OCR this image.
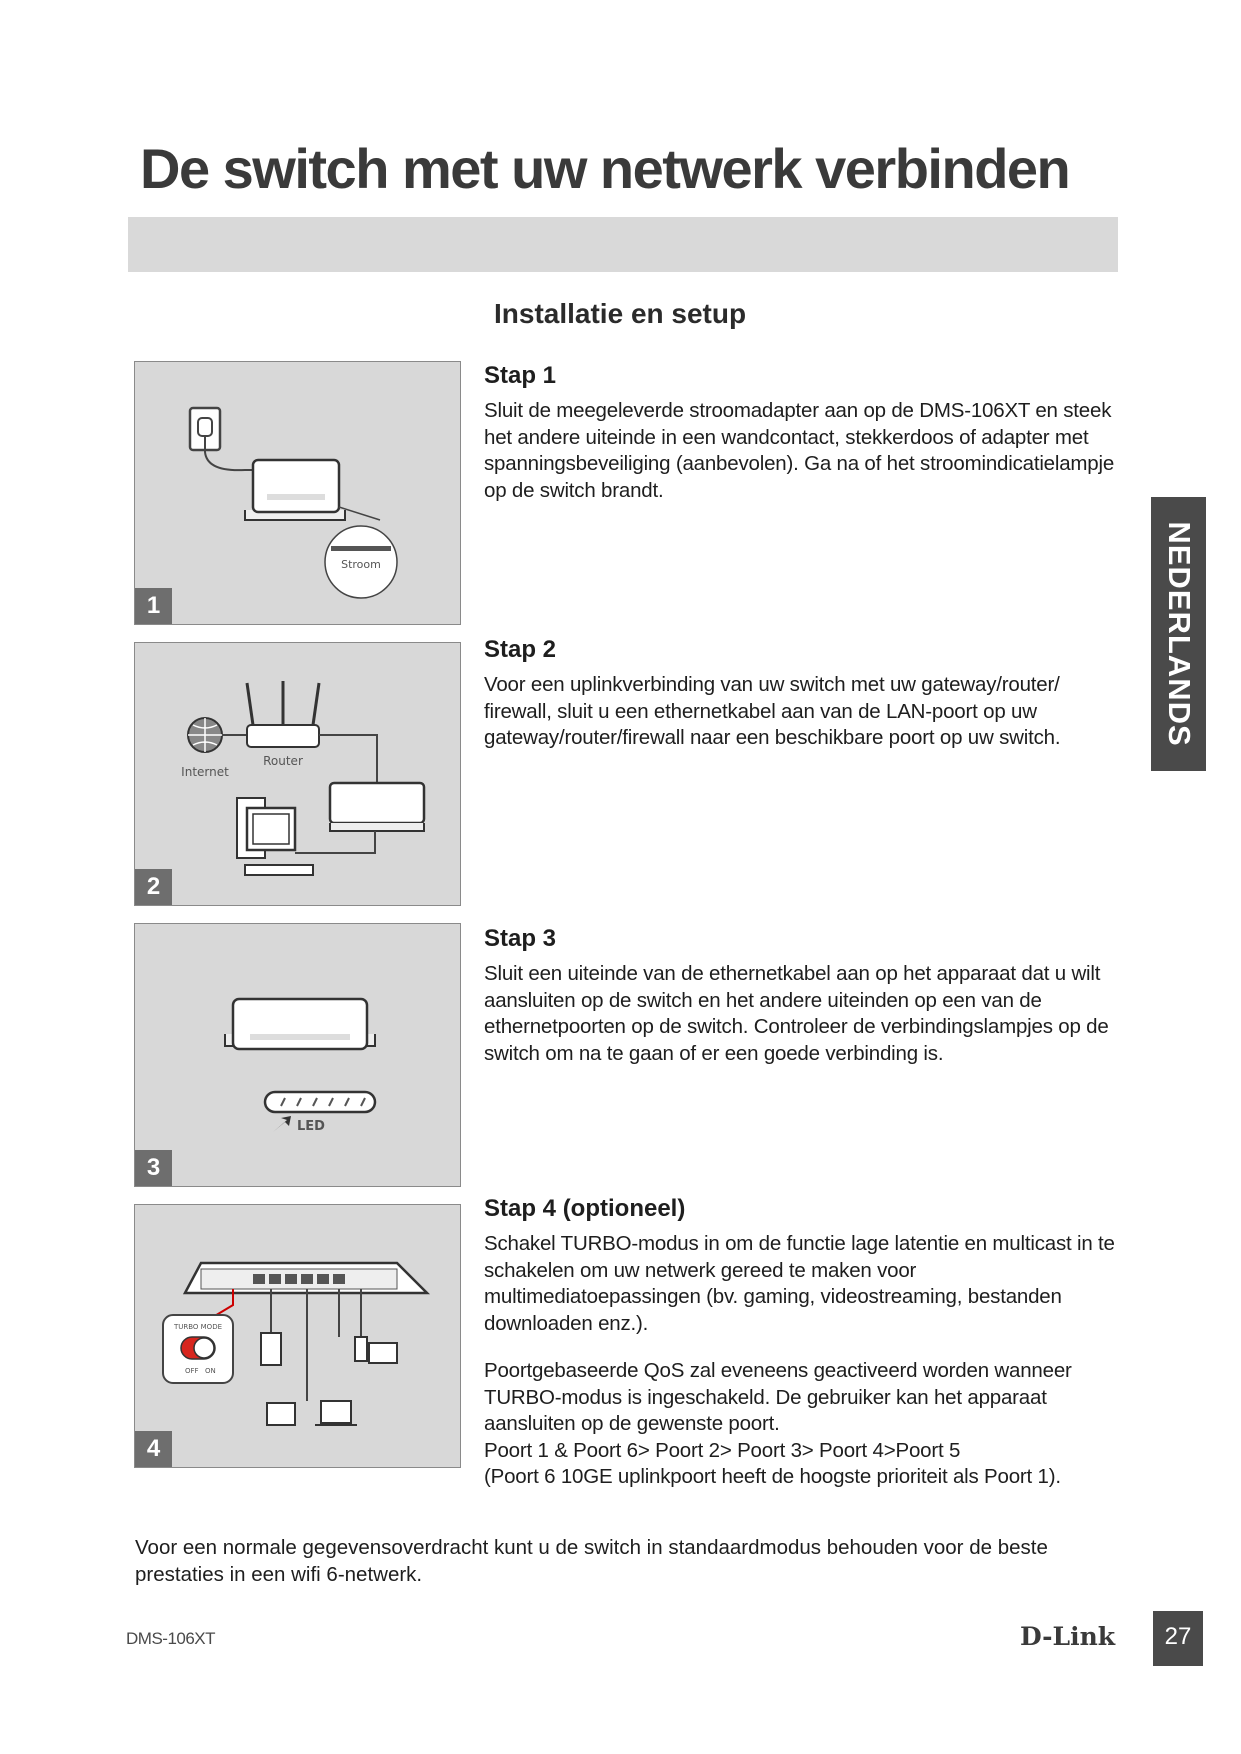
De switch met uw netwerk verbinden
Installatie en setup
Stroom
1
Internet
Router
2
LED
3
TURBO MODE
OFF ON
4
Stap 1

Sluit de meegeleverde stroomadapter aan op de DMS-106XT en steek het andere uiteinde in een wandcontact, stekkerdoos of adapter met spanningsbeveiliging (aanbevolen). Ga na of het stroomindicatielampje op de switch brandt.

Stap 2

Voor een uplinkverbinding van uw switch met uw gateway/router/ firewall, sluit u een ethernetkabel aan van de LAN-poort op uw gateway/router/firewall naar een beschikbare poort op uw switch.

Stap 3

Sluit een uiteinde van de ethernetkabel aan op het apparaat dat u wilt aansluiten op de switch en het andere uiteinden op een van de ethernetpoorten op de switch. Controleer de verbindingslampjes op de switch om na te gaan of er een goede verbinding is.

Stap 4 (optioneel)

Schakel TURBO-modus in om de functie lage latentie en multicast in te schakelen om uw netwerk gereed te maken voor multimediatoepassingen (bv. gaming, videostreaming, bestanden downloaden enz.).

Poortgebaseerde QoS zal eveneens geactiveerd worden wanneer TURBO-modus is ingeschakeld. De gebruiker kan het apparaat aansluiten op de gewenste poort.

Poort 1 & Poort 6> Poort 2> Poort 3> Poort 4>Poort 5

(Poort 6 10GE uplinkpoort heeft de hoogste prioriteit als Poort 1).

NEDERLANDS

Voor een normale gegevensoverdracht kunt u de switch in standaardmodus behouden voor de beste prestaties in een wifi 6-netwerk.

DMS-106XT	D-Link	27
